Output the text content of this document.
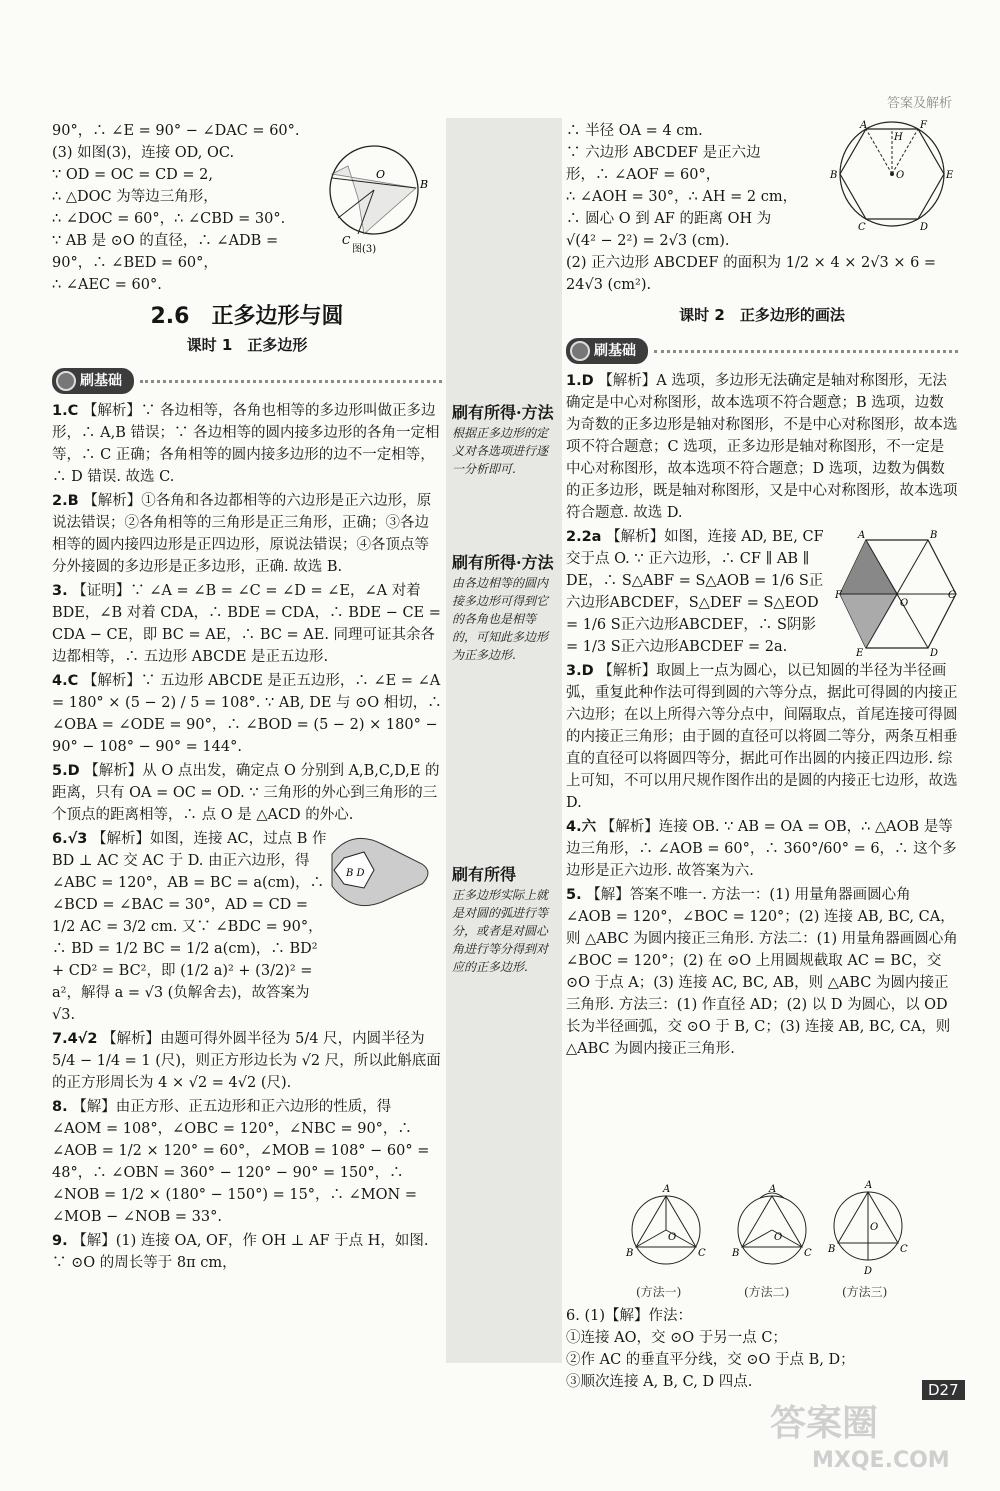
答案及解析
90°，∴ ∠E = 90° − ∠DAC = 60°.
(3) 如图(3)，连接 OD, OC.
∵ OD = OC = CD = 2,
∴ △DOC 为等边三角形，
∴ ∠DOC = 60°，∴ ∠CBD = 30°.
∵ AB 是 ⊙O 的直径，∴ ∠ADB =
90°，∴ ∠BED = 60°，
∴ ∠AEC = 60°.
2.6　正多边形与圆
课时 1　正多边形
刷基础
1.C 【解析】∵ 各边相等，各角也相等的多边形叫做正多边形，∴ A,B 错误；∵ 各边相等的圆内接多边形的各角一定相等，∴ C 正确；各角相等的圆内接多边形的边不一定相等，∴ D 错误. 故选 C.
2.B 【解析】①各角和各边都相等的六边形是正六边形，原说法错误；②各角相等的三角形是正三角形，正确；③各边相等的圆内接四边形是正四边形，原说法错误；④各顶点等分外接圆的多边形是正多边形，正确. 故选 B.
3. 【证明】∵ ∠A = ∠B = ∠C = ∠D = ∠E，∠A 对着 BDE，∠B 对着 CDA，∴ BDE = CDA，∴ BDE − CE = CDA − CE，即 BC = AE，∴ BC = AE. 同理可证其余各边都相等，∴ 五边形 ABCDE 是正五边形.
4.C 【解析】∵ 五边形 ABCDE 是正五边形，∴ ∠E = ∠A = 180° × (5 − 2) / 5 = 108°. ∵ AB, DE 与 ⊙O 相切，∴ ∠OBA = ∠ODE = 90°，∴ ∠BOD = (5 − 2) × 180° − 90° − 108° − 90° = 144°.
5.D 【解析】从 O 点出发，确定点 O 分别到 A,B,C,D,E 的距离，只有 OA = OC = OD. ∵ 三角形的外心到三角形的三个顶点的距离相等，∴ 点 O 是 △ACD 的外心.
6.√3 【解析】如图，连接 AC，过点 B 作 BD ⊥ AC 交 AC 于 D. 由正六边形，得 ∠ABC = 120°，AB = BC = a(cm)，∴ ∠BCD = ∠BAC = 30°，AD = CD = 1/2 AC = 3/2 cm. 又∵ ∠BDC = 90°，∴ BD = 1/2 BC = 1/2 a(cm)，∴ BD² + CD² = BC²，即 (1/2 a)² + (3/2)² = a²，解得 a = √3 (负解舍去)，故答案为 √3.
7.4√2 【解析】由题可得外圆半径为 5/4 尺，内圆半径为 5/4 − 1/4 = 1 (尺)，则正方形边长为 √2 尺，所以此斛底面的正方形周长为 4 × √2 = 4√2 (尺).
8. 【解】由正方形、正五边形和正六边形的性质，得 ∠AOM = 108°，∠OBC = 120°，∠NBC = 90°，∴ ∠AOB = 1/2 × 120° = 60°，∠MOB = 108° − 60° = 48°，∴ ∠OBN = 360° − 120° − 90° = 150°，∴ ∠NOB = 1/2 × (180° − 150°) = 15°，∴ ∠MON = ∠MOB − ∠NOB = 33°.
9. 【解】(1) 连接 OA, OF，作 OH ⊥ AF 于点 H，如图. ∵ ⊙O 的周长等于 8π cm，
O
B
C
图(3)
刷有所得·方法
根据正多边形的定义对各选项进行逐一分析即可.
刷有所得·方法
由各边相等的圆内接多边形可得到它的各角也是相等的，可知此多边形为正多边形.
刷有所得
正多边形实际上就是对圆的弧进行等分，或者是对圆心角进行等分得到对应的正多边形.
∴ 半径 OA = 4 cm.
∵ 六边形 ABCDEF 是正六边
形，∴ ∠AOF = 60°，
∴ ∠AOH = 30°，∴ AH = 2 cm，
∴ 圆心 O 到 AF 的距离 OH 为
√(4² − 2²) = 2√3 (cm).
(2) 正六边形 ABCDEF 的面积为 1/2 × 4 × 2√3 × 6 =
24√3 (cm²).
课时 2　正多边形的画法
刷基础
1.D 【解析】A 选项，多边形无法确定是轴对称图形，无法确定是中心对称图形，故本选项不符合题意；B 选项，边数为奇数的正多边形是轴对称图形，不是中心对称图形，故本选项不符合题意；C 选项，正多边形是轴对称图形，不一定是中心对称图形，故本选项不符合题意；D 选项，边数为偶数的正多边形，既是轴对称图形，又是中心对称图形，故本选项符合题意. 故选 D.
2.2a 【解析】如图，连接 AD, BE, CF 交于点 O. ∵ 正六边形，∴ CF ∥ AB ∥ DE，∴ S△ABF = S△AOB = 1/6 S正六边形ABCDEF，S△DEF = S△EOD = 1/6 S正六边形ABCDEF，∴ S阴影 = 1/3 S正六边形ABCDEF = 2a.
3.D 【解析】取圆上一点为圆心，以已知圆的半径为半径画弧，重复此种作法可得到圆的六等分点，据此可得圆的内接正六边形；在以上所得六等分点中，间隔取点，首尾连接可得圆的内接正三角形；由于圆的直径可以将圆二等分，两条互相垂直的直径可以将圆四等分，据此可作出圆的内接正四边形. 综上可知，不可以用尺规作图作出的是圆的内接正七边形，故选 D.
4.六 【解析】连接 OB. ∵ AB = OA = OB，∴ △AOB 是等边三角形，∴ ∠AOB = 60°，∴ 360°/60° = 6，∴ 这个多边形是正六边形. 故答案为六.
5. 【解】答案不唯一. 方法一：(1) 用量角器画圆心角 ∠AOB = 120°，∠BOC = 120°；(2) 连接 AB, BC, CA，则 △ABC 为圆内接正三角形. 方法二：(1) 用量角器画圆心角 ∠BOC = 120°；(2) 在 ⊙O 上用圆规截取 AC = BC，交 ⊙O 于点 A；(3) 连接 AC, BC, AB，则 △ABC 为圆内接正三角形. 方法三：(1) 作直径 AD；(2) 以 D 为圆心，以 OD 长为半径画弧，交 ⊙O 于 B, C；(3) 连接 AB, BC, CA，则 △ABC 为圆内接正三角形.
A	F
H
O
B	E
C	D
A	B
O
F	C
E	D
B D
A
O
B	C
A
O
B	C
A
O
B	C
D
(方法一)	(方法二)	(方法三)
6. (1)【解】作法：
①连接 AO，交 ⊙O 于另一点 C；
②作 AC 的垂直平分线，交 ⊙O 于点 B, D；
③顺次连接 A, B, C, D 四点.	D27
答案圈
MXQE.COM
